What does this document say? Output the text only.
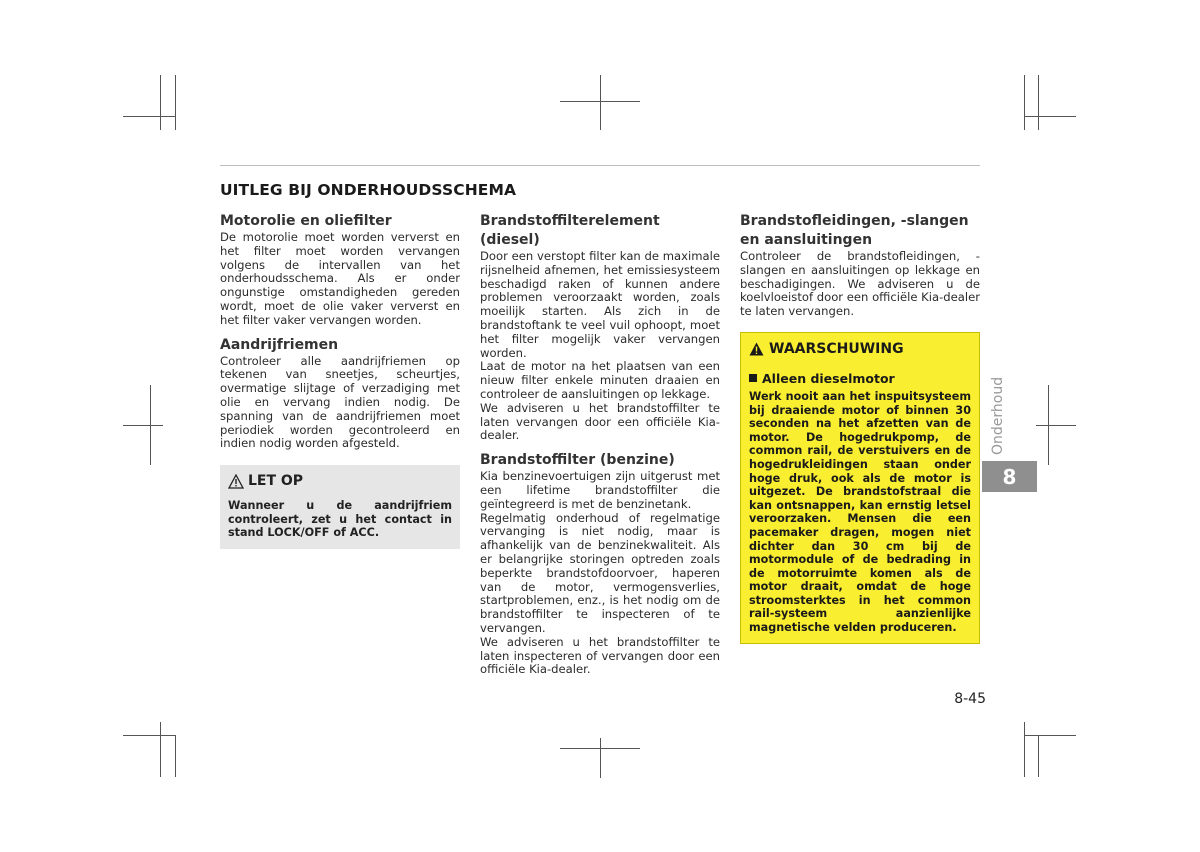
UITLEG BIJ ONDERHOUDSSCHEMA
Motorolie en oliefilter

De motorolie moet worden ververst en het filter moet worden vervangen volgens de intervallen van het onderhoudsschema. Als er onder ongunstige omstandigheden gereden wordt, moet de olie vaker ververst en het filter vaker vervangen worden.

Aandrijfriemen

Controleer alle aandrijfriemen op tekenen van sneetjes, scheurtjes, overmatige slijtage of verzadiging met olie en vervang indien nodig. De spanning van de aandrijfriemen moet periodiek worden gecontroleerd en indien nodig worden afgesteld.

LET OP
Wanneer u de aandrijfriem controleert, zet u het contact in stand LOCK/OFF of ACC.
Brandstoffilterelement (diesel)

Door een verstopt filter kan de maximale rijsnelheid afnemen, het emissiesysteem beschadigd raken of kunnen andere problemen veroorzaakt worden, zoals moeilijk starten. Als zich in de brandstoftank te veel vuil ophoopt, moet het filter mogelijk vaker vervangen worden.

Laat de motor na het plaatsen van een nieuw filter enkele minuten draaien en controleer de aansluitingen op lekkage.

We adviseren u het brandstoffilter te laten vervangen door een officiële Kia-dealer.

Brandstoffilter (benzine)

Kia benzinevoertuigen zijn uitgerust met een lifetime brandstoffilter die geïntegreerd is met de benzinetank.

Regelmatig onderhoud of regelmatige vervanging is niet nodig, maar is afhankelijk van de benzinekwaliteit. Als er belangrijke storingen optreden zoals beperkte brandstofdoorvoer, haperen van de motor, vermogensverlies, startproblemen, enz., is het nodig om de brandstoffilter te inspecteren of te vervangen.

We adviseren u het brandstoffilter te laten inspecteren of vervangen door een officiële Kia-dealer.

Brandstofleidingen, -slangen en aansluitingen

Controleer de brandstofleidingen, -slangen en aansluitingen op lekkage en beschadigingen. We adviseren u de koelvloeistof door een officiële Kia-dealer te laten vervangen.

WAARSCHUWING
Alleen dieselmotor
Werk nooit aan het inspuitsysteem bij draaiende motor of binnen 30 seconden na het afzetten van de motor. De hogedrukpomp, de common rail, de verstuivers en de hogedrukleidingen staan onder hoge druk, ook als de motor is uitgezet. De brandstofstraal die kan ontsnappen, kan ernstig letsel veroorzaken. Mensen die een pacemaker dragen, mogen niet dichter dan 30 cm bij de motormodule of de bedrading in de motorruimte komen als de motor draait, omdat de hoge stroomsterktes in het common rail-systeem aanzienlijke magnetische velden produceren.
Onderhoud
8
8-45
